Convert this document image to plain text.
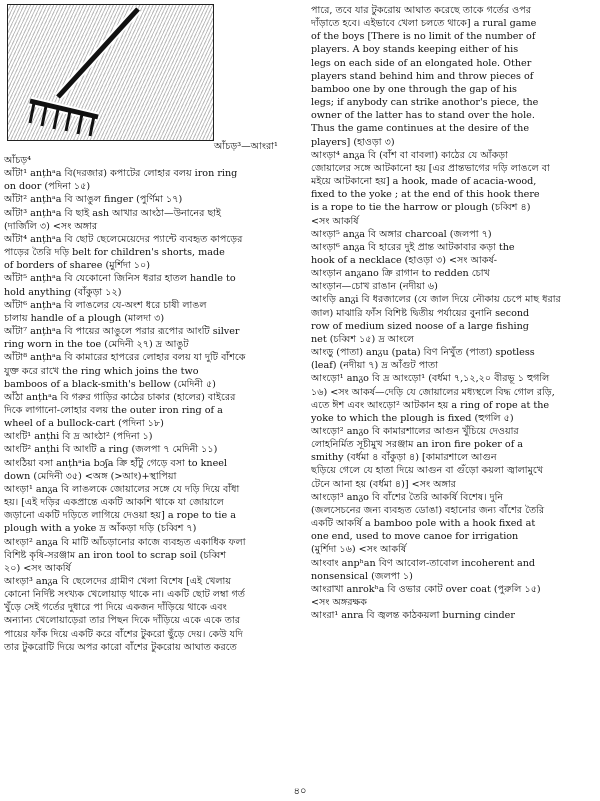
আঁচড়³—আংরা¹
আঁচড়⁴
আঁটা¹ anțhᵃa বি(দরজার) কপাটের লোহার বলয় iron ring
on door (পদিনা ১৫)
আঁটা² anțhᵃa বি আঙুল finger (পুর্ণিমা ১৭)
আঁটা³ anțhᵃa বি ছাই ash আখার আংঠা—উনানের ছাই
(দার্জিলি ৩) <সং অঙ্গার
আঁটা⁴ anțhᵃa বি ছোট ছেলেমেয়েদের প্যান্টে ব্যবহৃত কাপড়ের
পাড়ের তৈরি দড়ি belt for children's shorts, made
of borders of sharee (মুর্শিদা ১০)
আঁটা⁵ anțhᵃa বি যেকোনো জিনিস ধরার হাতল handle to
hold anything (বাঁকুড়া ১২)
আঁটা⁶ anțhᵃa বি লাঙলের যে-অংশ ধরে চাষী লাঙল
চালায় handle of a plough (মালদা ৩)
আঁটা⁷ anțhᵃa বি পায়ের আঙুলে পরার রূপোর আংটি silver
ring worn in the toe (মেদিনী ২৭) দ্র আঙুট
আঁটা⁸ anțhᵃa বি কামারের হাপরের লোহার বলয় যা দুটি বাঁশকে
যুক্ত করে রাখে the ring which joins the two
bamboos of a black-smith's bellow (মেদিনী ৫)
আঁঠা anțhᵃa বি গরুর গাড়ির কাঠের চাকার (হালের) বাইরের
দিকে লাগানো-লোহার বলয় the outer iron ring of a
wheel of a bullock-cart (পদিনা ১৮)
আংটি¹ anțhi বি দ্র আংঠা² (পদিনা ১)
আংটি² anțhi বি আংটি a ring (জলপা ৭ মেদিনী ১১)
আংঠিয়া বসা anțhᵃia bɔʃa ক্রি হাঁটু গেড়ে বসা to kneel
down (মেদিনী ৩৫) <অঙ্গ (>আং)+স্থাপিয়া
আংড়া¹ anᵹa বি লাঙলকে জোয়ালের সঙ্গে যে দড়ি দিয়ে বাঁধা
হয়। [এই দড়ির একপ্রান্তে একটি আকশি থাকে যা জোয়ালে
জড়ানো একটি দড়িতে লাগিয়ে দেওয়া হয়] a rope to tie a
plough with a yoke দ্র আঁকড়া দড়ি (চব্বিশ ৭)
আংড়া² anᵹa বি মাটি আঁচড়ানোর কাজে ব্যবহৃত একাধিক ফলা
বিশিষ্ট কৃষি-সরঞ্জাম an iron tool to scrap soil (চব্বিশ
২০) <সং আকর্ষি
আংড়া³ anᵹa বি ছেলেদের গ্রামীণ খেলা বিশেষ [এই খেলায়
কোনো নির্দিষ্ট সংখ্যক খেলোয়াড় থাকে না। একটি ছোট লম্বা গর্ত
খুঁড়ে সেই গর্তের দুধারে পা দিয়ে একজন দাঁড়িয়ে থাকে এবং
অন্যান্য খেলোয়াড়েরা তার পিছন দিকে দাঁড়িয়ে একে একে তার
পায়ের ফাঁক দিয়ে একটি করে বাঁশের টুকরো ছুঁড়ে দেয়। কেউ যদি
তার টুকরোটি দিয়ে অপর কারো বাঁশের টুকরোয় আঘাত করতে
পারে, তবে যার টুকরোয় আঘাত করেছে তাকে গর্তের ওপর
দাঁড়াতে হবে। এইভাবে খেলা চলতে থাকে] a rural game
of the boys [There is no limit of the number of
players. A boy stands keeping either of his
legs on each side of an elongated hole. Other
players stand behind him and throw pieces of
bamboo one by one through the gap of his
legs; if anybody can strike anothor's piece, the
owner of the latter has to stand over the hole.
Thus the game continues at the desire of the
players] (হাওড়া ৩)
আংড়া⁴ anᵹa বি (বাঁশ বা বাবলা) কাঠের যে আঁকড়া
জোয়ালের সঙ্গে আটকানো হয় [এর প্রান্তভাগের দড়ি লাঙলে বা
মইয়ে আটকানো হয়] a hook, made of acacia-wood,
fixed to the yoke ; at the end of this hook there
is a rope to tie the harrow or plough (চব্বিশ ৪)
<সং আকর্ষি
আংড়া⁵ anᵹa বি অঙ্গার charcoal (জলপা ৭)
আংড়া⁶ anᵹa বি হারের দুই প্রান্ত আটকাবার কড়া the
hook of a necklace (হাওড়া ৩) <সং আকর্ষ-
আংড়ান anᵹano ক্রি রাগান to redden চোখ
আংড়ান—চোখ রাঙান (নদীয়া ৬)
আংড়ি anᵹi বি ধরজালের (যে জাল দিয়ে নৌকায় চেপে মাছ ধরার
জাল) মাঝারি ফাঁস বিশিষ্ট দ্বিতীয় পর্যায়ের বুনানি second
row of medium sized noose of a large fishing
net (চব্বিশ ১৫) দ্র আংলে
আংড়ু (পাতা) anᵹu (pata) বিণ নিখুঁত (পাতা) spotless
(leaf) (নদীয়া ৭) দ্র আঁগুট পাতা
আংড়ো¹ anᵹo বি দ্র আংড়ো¹ (বর্ধমা ৭,১২,২০ বীরভূ ১ হুগলি
১৬) <সং আকর্ষ—দেড়ি যে জোয়ালের মধ্যস্থলে বিদ্ধ গোল রড়ি,
এতে ঈশ এবং আংড়ো² আটকান হয় a ring of rope at the
yoke to which the plough is fixed (হুগলি ৫)
আংড়ো² anᵹo বি কামারশালের আগুন খুঁচিয়ে দেওয়ার
লোহনির্মিত সূচীমুখ সরঞ্জাম an iron fire poker of a
smithy (বর্ধমা ৪ বাঁকুড়া ৪) [কামারশালে আগুন
ছড়িয়ে গেলে যে হাতা দিয়ে আগুন বা গুঁড়ো কয়লা জ্বালামুখে
টেনে আনা হয় (বর্ধমা ৪)] <সং অঙ্গার
আংড়ো³ anᵹo বি বাঁশের তৈরি আকর্ষি বিশেষ। দুনি
(জলসেচনের জন্য ব্যবহৃত ডোঙা) বহানোর জন্য বাঁশের তৈরি
একটি আকর্ষি a bamboo pole with a hook fixed at
one end, used to move canoe for irrigation
(মুর্শিদা ১৬) <সং আকর্ষি
আংবাং anpʰan বিণ আবোল-তাবোল incoherent and
nonsensical (জলপা ১)
আংরাখা anrokʰa বি ওভার কোট over coat (পুরুলি ১৫)
<সং অঙ্গরক্ষক
আংরা¹ anra বি জ্বলন্ত কাঠকয়লা burning cinder
৪০
